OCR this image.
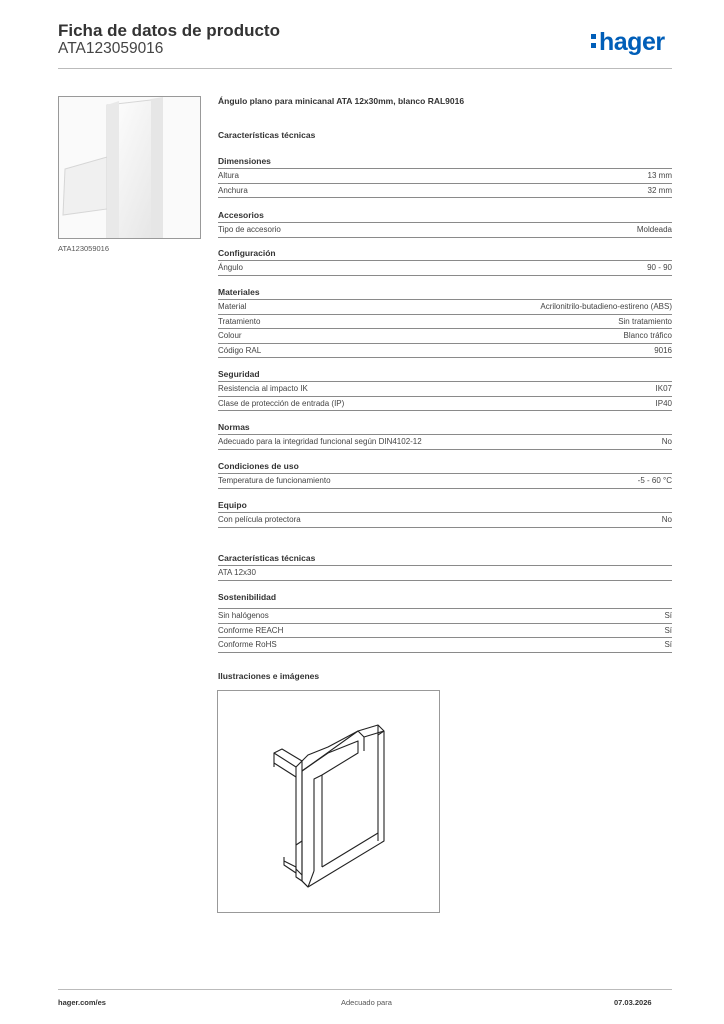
Ficha de datos de producto
ATA123059016	hager
ATA123059016
Ángulo plano para minicanal ATA 12x30mm, blanco RAL9016
Características técnicas
Dimensiones
Altura	13 mm
Anchura	32 mm
Accesorios
Tipo de accesorio	Moldeada
Configuración
Ángulo	90 - 90
Materiales
Material	Acrilonitrilo-butadieno-estireno (ABS)
Tratamiento	Sin tratamiento
Colour	Blanco tráfico
Código RAL	9016
Seguridad
Resistencia al impacto IK	IK07
Clase de protección de entrada (IP)	IP40
Normas
Adecuado para la integridad funcional según DIN4102-12	No
Condiciones de uso
Temperatura de funcionamiento	-5 - 60 °C
Equipo
Con película protectora	No
Características técnicas
ATA 12x30
Sostenibilidad
Sin halógenos	Sí
Conforme REACH	Sí
Conforme RoHS	Sí
Ilustraciones e imágenes
hager.com/es	Adecuado para	07.03.2026
